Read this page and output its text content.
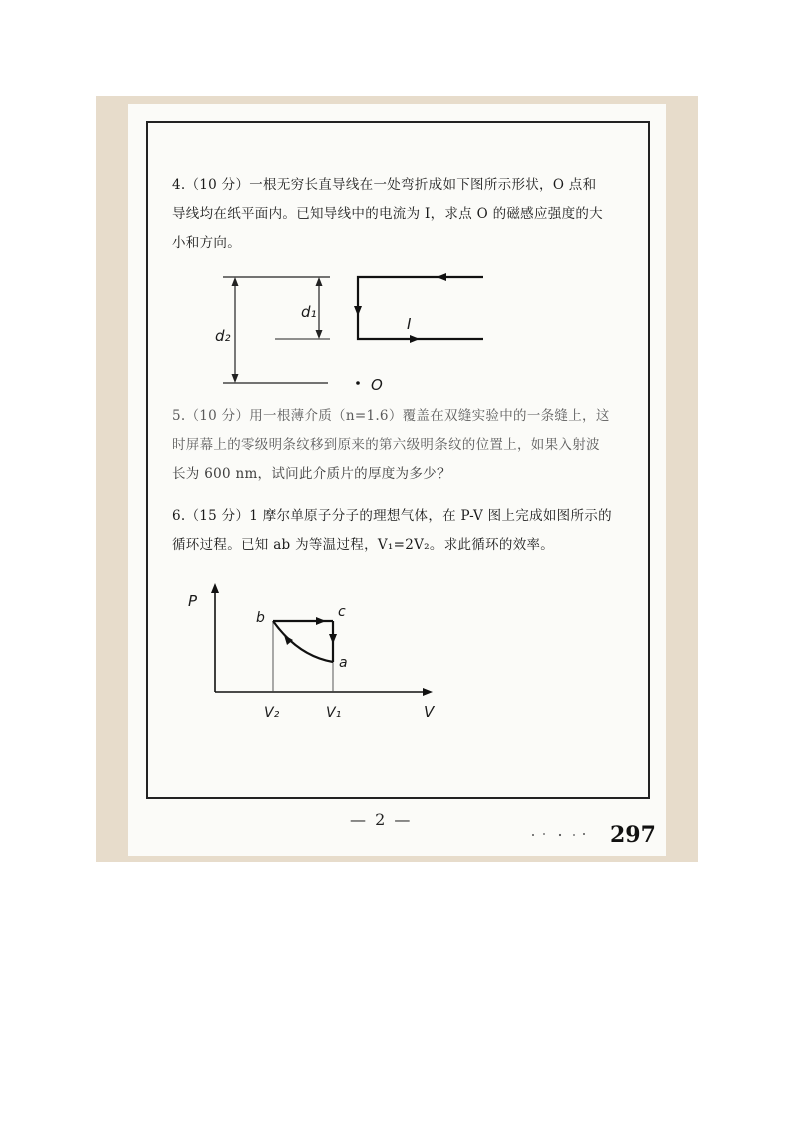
4.（10 分）一根无穷长直导线在一处弯折成如下图所示形状，O 点和
导线均在纸平面内。已知导线中的电流为 I，求点 O 的磁感应强度的大
小和方向。
d₂
d₁
I
O
5.（10 分）用一根薄介质（n=1.6）覆盖在双缝实验中的一条缝上，这
时屏幕上的零级明条纹移到原来的第六级明条纹的位置上，如果入射波
长为 600 nm，试问此介质片的厚度为多少？
6.（15 分）1 摩尔单原子分子的理想气体，在 P-V 图上完成如图所示的
循环过程。已知 ab 为等温过程，V₁=2V₂。求此循环的效率。
P
V
b	c
a
V₂	V₁
— 2 —
297
